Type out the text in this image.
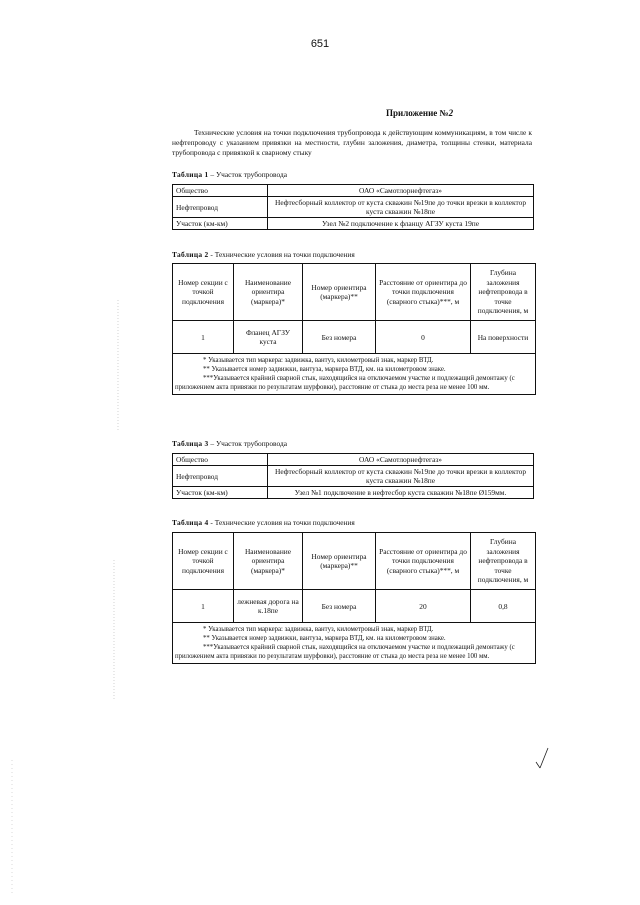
651
Приложение №2
Технические условия на точки подключения трубопровода к действующим коммуникациям, в том числе к нефтепроводу с указанием привязки на местности, глубин заложения, диаметра, толщины стенки, материала трубопровода с привязкой к сварному стыку
Таблица 1 – Участок трубопровода
Общество	ОАО «Самотлорнефтегаз»
Нефтепровод	Нефтесборный коллектор от куста скважин №19пе до точки врезки в коллектор куста скважин №18пе
Участок (км-км)	Узел №2 подключение к фланцу АГЗУ куста 19пе
Таблица 2 - Технические условия на точки подключения
Номер секции с точкой подключения	Наименование ориентира (маркера)*	Номер ориентира (маркера)**	Расстояние от ориентира до точки подключения (сварного стыка)***, м	Глубина заложения нефтепровода в точке подключения, м
1	Фланец АГЗУ куста	Без номера	0	На поверхности

* Указывается тип маркера: задвижка, вантуз, километровый знак, маркер ВТД.
** Указывается номер задвижки, вантуза, маркера ВТД, км. на километровом знаке.
***Указывается крайний сварной стык, находящийся на отключаемом участке и подлежащий демонтажу (с приложением акта привязки по результатам шурфовки), расстояние от стыка до места реза не менее 100 мм.				
Таблица 3 – Участок трубопровода
Общество	ОАО «Самотлорнефтегаз»
Нефтепровод	Нефтесборный коллектор от куста скважин №19пе до точки врезки в коллектор куста скважин №18пе
Участок (км-км)	Узел №1 подключение в нефтесбор куста скважин №18пе Ø159мм.
Таблица 4 - Технические условия на точки подключения
Номер секции с точкой подключения	Наименование ориентира (маркера)*	Номер ориентира (маркера)**	Расстояние от ориентира до точки подключения (сварного стыка)***, м	Глубина заложения нефтепровода в точке подключения, м
1	лежневая дорога на к.18пе	Без номера	20	0,8

* Указывается тип маркера: задвижка, вантуз, километровый знак, маркер ВТД.
** Указывается номер задвижки, вантуза, маркера ВТД, км. на километровом знаке.
***Указывается крайний сварной стык, находящийся на отключаемом участке и подлежащий демонтажу (с приложением акта привязки по результатам шурфовки), расстояние от стыка до места реза не менее 100 мм.				
